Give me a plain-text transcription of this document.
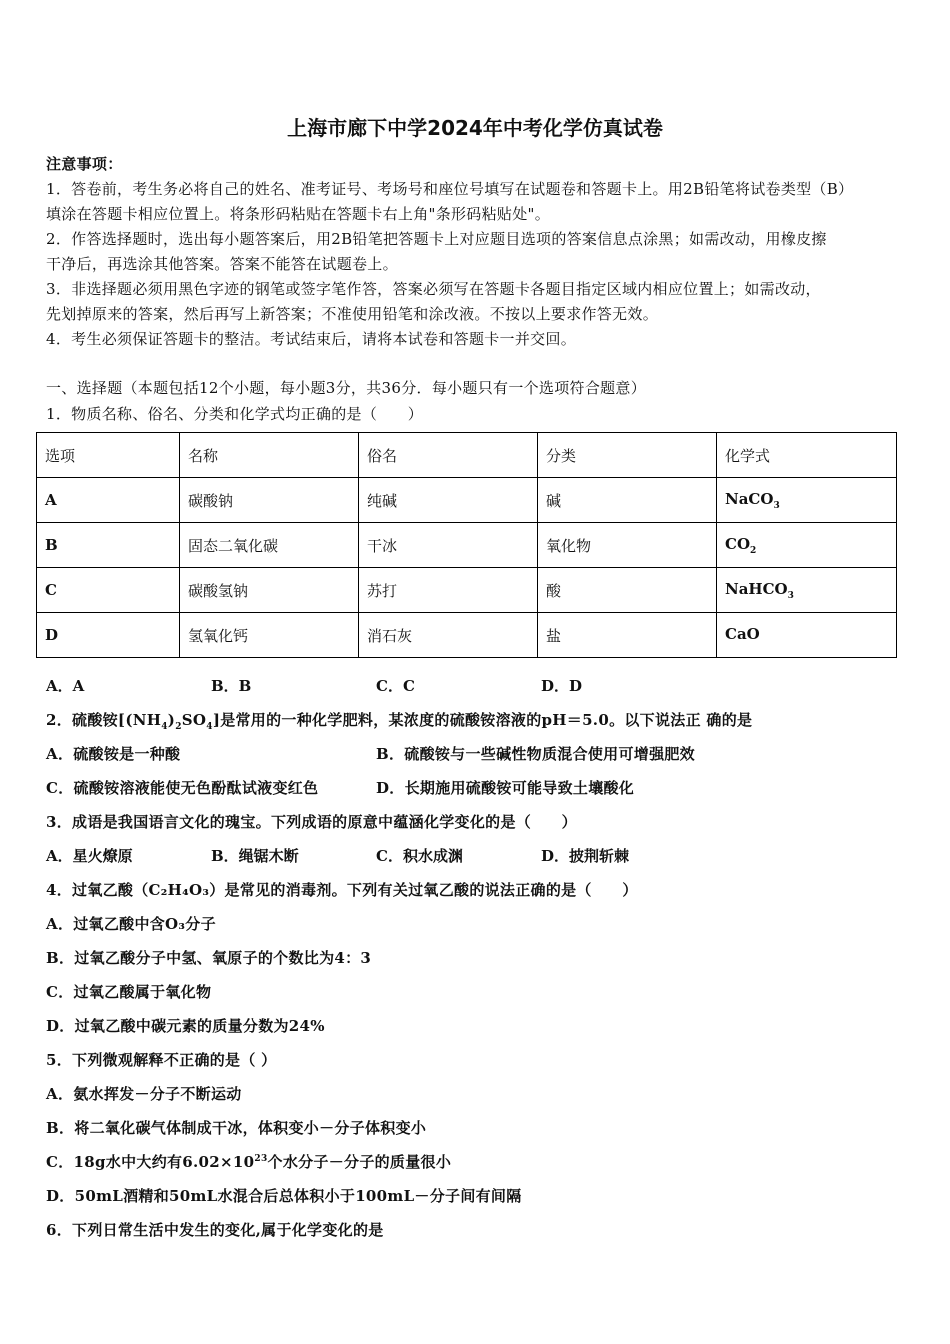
上海市廊下中学2024年中考化学仿真试卷
注意事项：
1．答卷前，考生务必将自己的姓名、准考证号、考场号和座位号填写在试题卷和答题卡上。用2B铅笔将试卷类型（B）
填涂在答题卡相应位置上。将条形码粘贴在答题卡右上角"条形码粘贴处"。
2．作答选择题时，选出每小题答案后，用2B铅笔把答题卡上对应题目选项的答案信息点涂黑；如需改动，用橡皮擦
干净后，再选涂其他答案。答案不能答在试题卷上。
3．非选择题必须用黑色字迹的钢笔或签字笔作答，答案必须写在答题卡各题目指定区域内相应位置上；如需改动，
先划掉原来的答案，然后再写上新答案；不准使用铅笔和涂改液。不按以上要求作答无效。
4．考生必须保证答题卡的整洁。考试结束后，请将本试卷和答题卡一并交回。
一、选择题（本题包括12个小题，每小题3分，共36分．每小题只有一个选项符合题意）
1．物质名称、俗名、分类和化学式均正确的是（　　）
选项	名称	俗名	分类	化学式
A	碳酸钠	纯碱	碱	NaCO$_3$
B	固态二氧化碳	干冰	氧化物	$CO_2$
C	碳酸氢钠	苏打	酸	NaHCO$_3$
D	氢氧化钙	消石灰	盐	CaO
A．A	B．B	C．C	D．D
2．硫酸铵$[(NH_4)_2SO_4]$是常用的一种化学肥料，某浓度的硫酸铵溶液的pH＝5.0。以下说法正 确的是
A．硫酸铵是一种酸	B．硫酸铵与一些碱性物质混合使用可增强肥效
C．硫酸铵溶液能使无色酚酞试液变红色	D．长期施用硫酸铵可能导致土壤酸化
3．成语是我国语言文化的瑰宝。下列成语的原意中蕴涵化学变化的是（　　）
A．星火燎原	B．绳锯木断	C．积水成渊	D．披荆斩棘
4．过氧乙酸（C₂H₄O₃）是常见的消毒剂。下列有关过氧乙酸的说法正确的是（　　）
A．过氧乙酸中含O₃分子
B．过氧乙酸分子中氢、氧原子的个数比为4：3
C．过氧乙酸属于氧化物
D．过氧乙酸中碳元素的质量分数为24%
5．下列微观解释不正确的是（ ）
A．氨水挥发－分子不断运动
B．将二氧化碳气体制成干冰，体积变小－分子体积变小
C．18g水中大约有$6.02\times 10^{23}$个水分子－分子的质量很小
D．50mL酒精和50mL水混合后总体积小于100mL－分子间有间隔
6．下列日常生活中发生的变化,属于化学变化的是
